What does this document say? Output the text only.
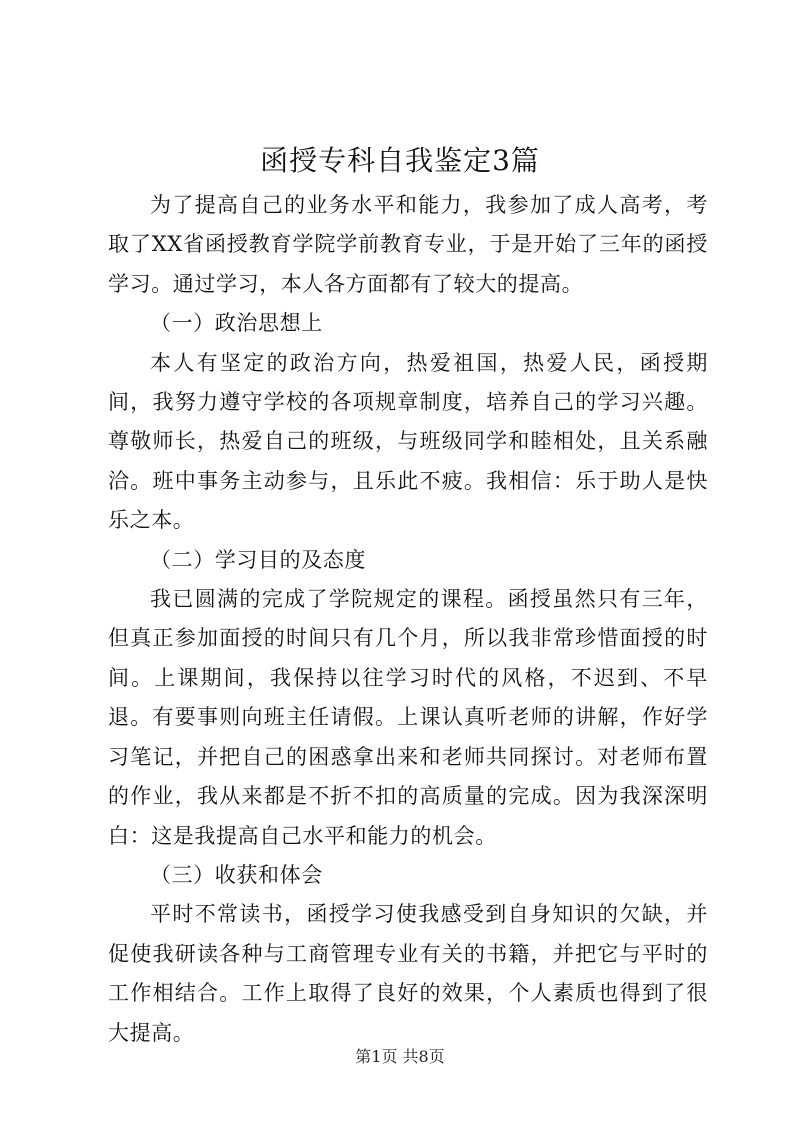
函授专科自我鉴定3篇

为了提高自己的业务水平和能力，我参加了成人高考，考取了XX省函授教育学院学前教育专业，于是开始了三年的函授学习。通过学习，本人各方面都有了较大的提高。

（一）政治思想上

本人有坚定的政治方向，热爱祖国，热爱人民，函授期间，我努力遵守学校的各项规章制度，培养自己的学习兴趣。尊敬师长，热爱自己的班级，与班级同学和睦相处，且关系融洽。班中事务主动参与，且乐此不疲。我相信：乐于助人是快乐之本。

（二）学习目的及态度

我已圆满的完成了学院规定的课程。函授虽然只有三年，但真正参加面授的时间只有几个月，所以我非常珍惜面授的时间。上课期间，我保持以往学习时代的风格，不迟到、不早退。有要事则向班主任请假。上课认真听老师的讲解，作好学习笔记，并把自己的困惑拿出来和老师共同探讨。对老师布置的作业，我从来都是不折不扣的高质量的完成。因为我深深明白：这是我提高自己水平和能力的机会。

（三）收获和体会

平时不常读书，函授学习使我感受到自身知识的欠缺，并促使我研读各种与工商管理专业有关的书籍，并把它与平时的工作相结合。工作上取得了良好的效果，个人素质也得到了很大提高。

第1页 共8页
